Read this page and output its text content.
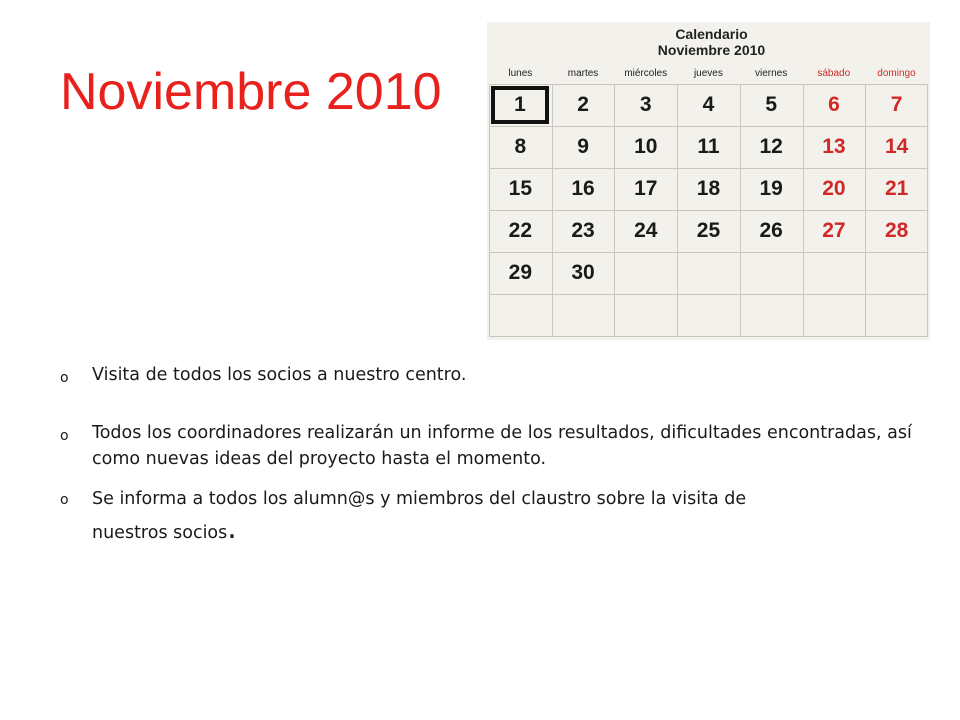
Noviembre 2010
Calendario
Noviembre 2010
lunes	martes	miércoles	jueves	viernes	sábado	domingo
1	2	3	4	5	6	7
8	9	10	11	12	13	14
15	16	17	18	19	20	21
22	23	24	25	26	27	28
29	30
o Visita de todos los socios a nuestro centro.
o Todos los coordinadores realizarán un informe de los resultados, dificultades encontradas, así como nuevas ideas del proyecto hasta el momento.
o Se informa a todos los alumn@s y miembros del claustro sobre la visita de
nuestros socios.
